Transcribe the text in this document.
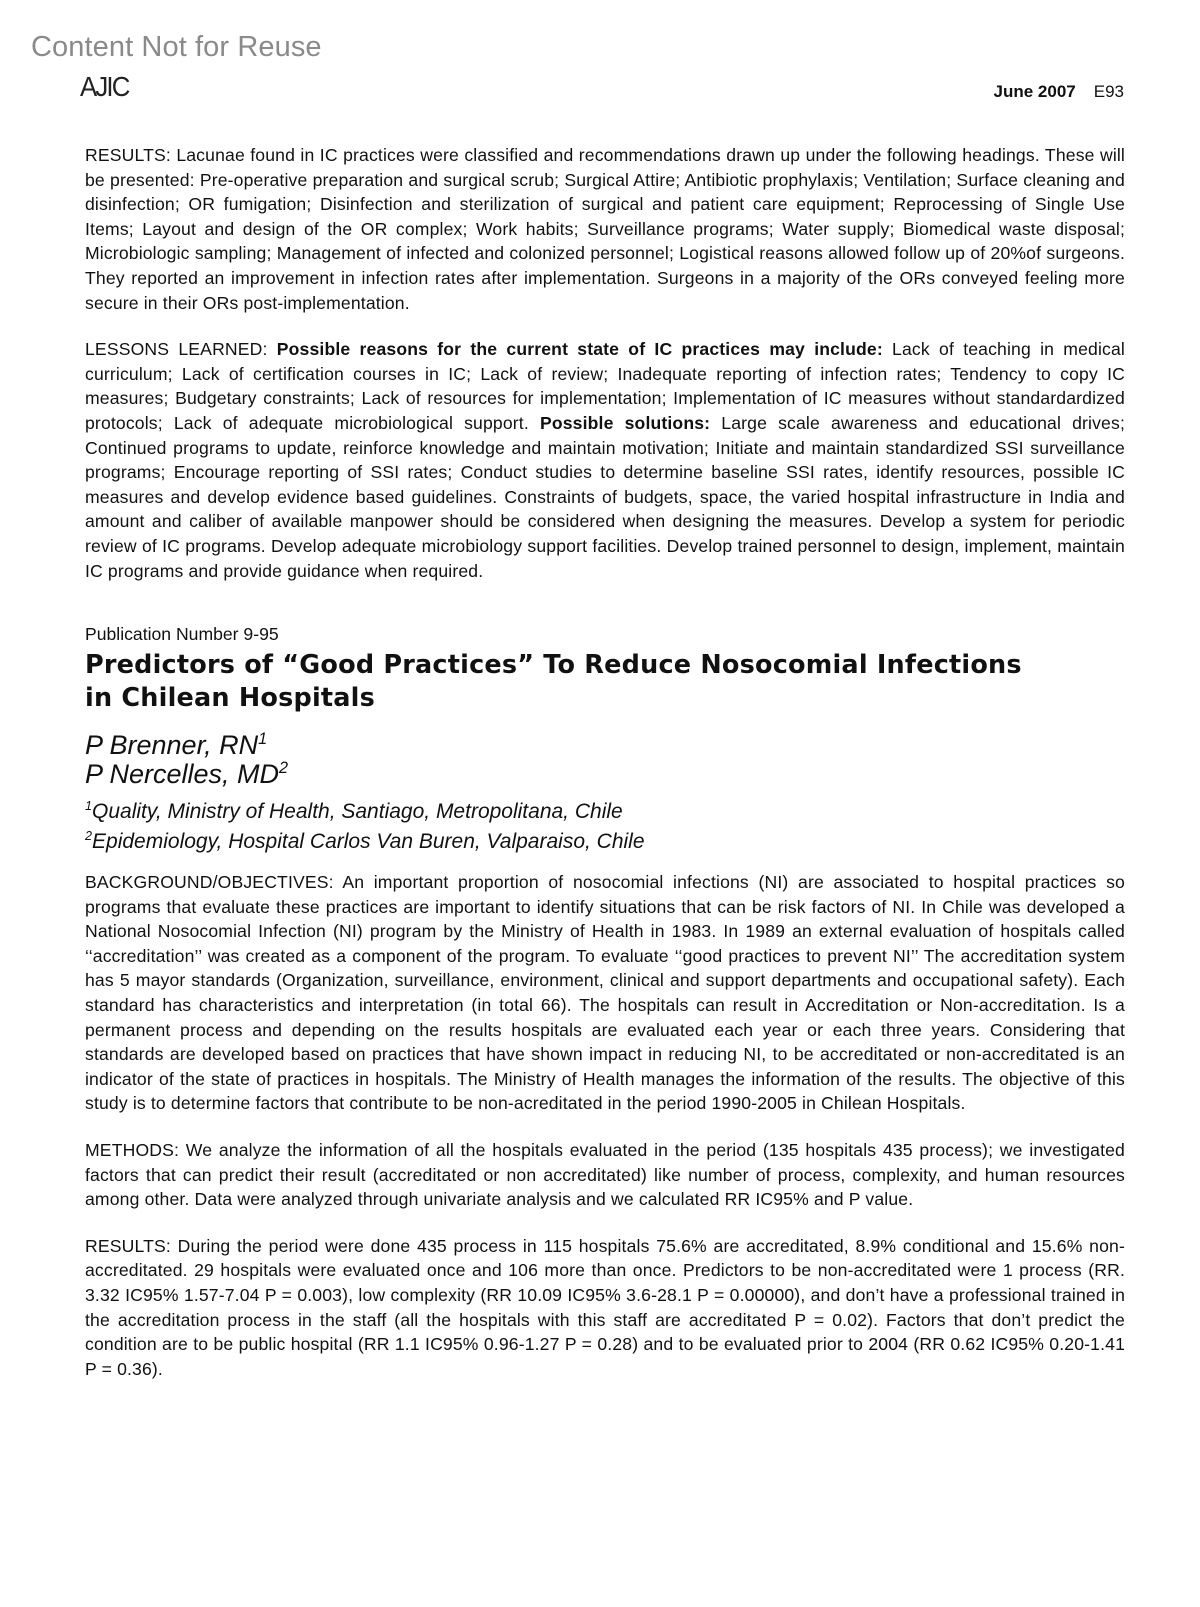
Content Not for Reuse
AJIC	June 2007 E93

RESULTS: Lacunae found in IC practices were classified and recommendations drawn up under the following headings. These will be presented: Pre-operative preparation and surgical scrub; Surgical Attire; Antibiotic prophylaxis; Ventilation; Surface cleaning and disinfection; OR fumigation; Disinfection and sterilization of surgical and patient care equipment; Reprocessing of Single Use Items; Layout and design of the OR complex; Work habits; Surveillance programs; Water supply; Biomedical waste disposal; Microbiologic sampling; Management of infected and colonized personnel; Logistical reasons allowed follow up of 20%of surgeons. They reported an improvement in infection rates after implementation. Surgeons in a majority of the ORs conveyed feeling more secure in their ORs post-implementation.

LESSONS LEARNED: Possible reasons for the current state of IC practices may include: Lack of teaching in medical curriculum; Lack of certification courses in IC; Lack of review; Inadequate reporting of infection rates; Tendency to copy IC measures; Budgetary constraints; Lack of resources for implementation; Implementation of IC measures without standardardized protocols; Lack of adequate microbiological support. Possible solutions: Large scale awareness and educational drives; Continued programs to update, reinforce knowledge and maintain motivation; Initiate and maintain standardized SSI surveillance programs; Encourage reporting of SSI rates; Conduct studies to determine baseline SSI rates, identify resources, possible IC measures and develop evidence based guidelines. Constraints of budgets, space, the varied hospital infrastructure in India and amount and caliber of available manpower should be considered when designing the measures. Develop a system for periodic review of IC programs. Develop adequate microbiology support facilities. Develop trained personnel to design, implement, maintain IC programs and provide guidance when required.

Publication Number 9-95
Predictors of “Good Practices” To Reduce Nosocomial Infections
in Chilean Hospitals
P Brenner, $RN^1$
P Nercelles, $MD^2$
$^1$Quality, Ministry of Health, Santiago, Metropolitana, Chile
$^2$Epidemiology, Hospital Carlos Van Buren, Valparaiso, Chile

BACKGROUND/OBJECTIVES: An important proportion of nosocomial infections (NI) are associated to hospital practices so programs that evaluate these practices are important to identify situations that can be risk factors of NI. In Chile was developed a National Nosocomial Infection (NI) program by the Ministry of Health in 1983. In 1989 an external evaluation of hospitals called ‘‘accreditation’’ was created as a component of the program. To evaluate ‘‘good practices to prevent NI’’ The accreditation system has 5 mayor standards (Organization, surveillance, environment, clinical and support departments and occupational safety). Each standard has characteristics and interpretation (in total 66). The hospitals can result in Accreditation or Non-accreditation. Is a permanent process and depending on the results hospitals are evaluated each year or each three years. Considering that standards are developed based on practices that have shown impact in reducing NI, to be accreditated or non-accreditated is an indicator of the state of practices in hospitals. The Ministry of Health manages the information of the results. The objective of this study is to determine factors that contribute to be non-acreditated in the period 1990-2005 in Chilean Hospitals.

METHODS: We analyze the information of all the hospitals evaluated in the period (135 hospitals 435 process); we investigated factors that can predict their result (accreditated or non accreditated) like number of process, complexity, and human resources among other. Data were analyzed through univariate analysis and we calculated RR IC95% and P value.

RESULTS: During the period were done 435 process in 115 hospitals 75.6% are accreditated, 8.9% conditional and 15.6% non-accreditated. 29 hospitals were evaluated once and 106 more than once. Predictors to be non-accreditated were 1 process (RR. 3.32 IC95% 1.57-7.04 P = 0.003), low complexity (RR 10.09 IC95% 3.6-28.1 P = 0.00000), and don’t have a professional trained in the accreditation process in the staff (all the hospitals with this staff are accreditated P = 0.02). Factors that don’t predict the condition are to be public hospital (RR 1.1 IC95% 0.96-1.27 P = 0.28) and to be evaluated prior to 2004 (RR 0.62 IC95% 0.20-1.41 P = 0.36).
